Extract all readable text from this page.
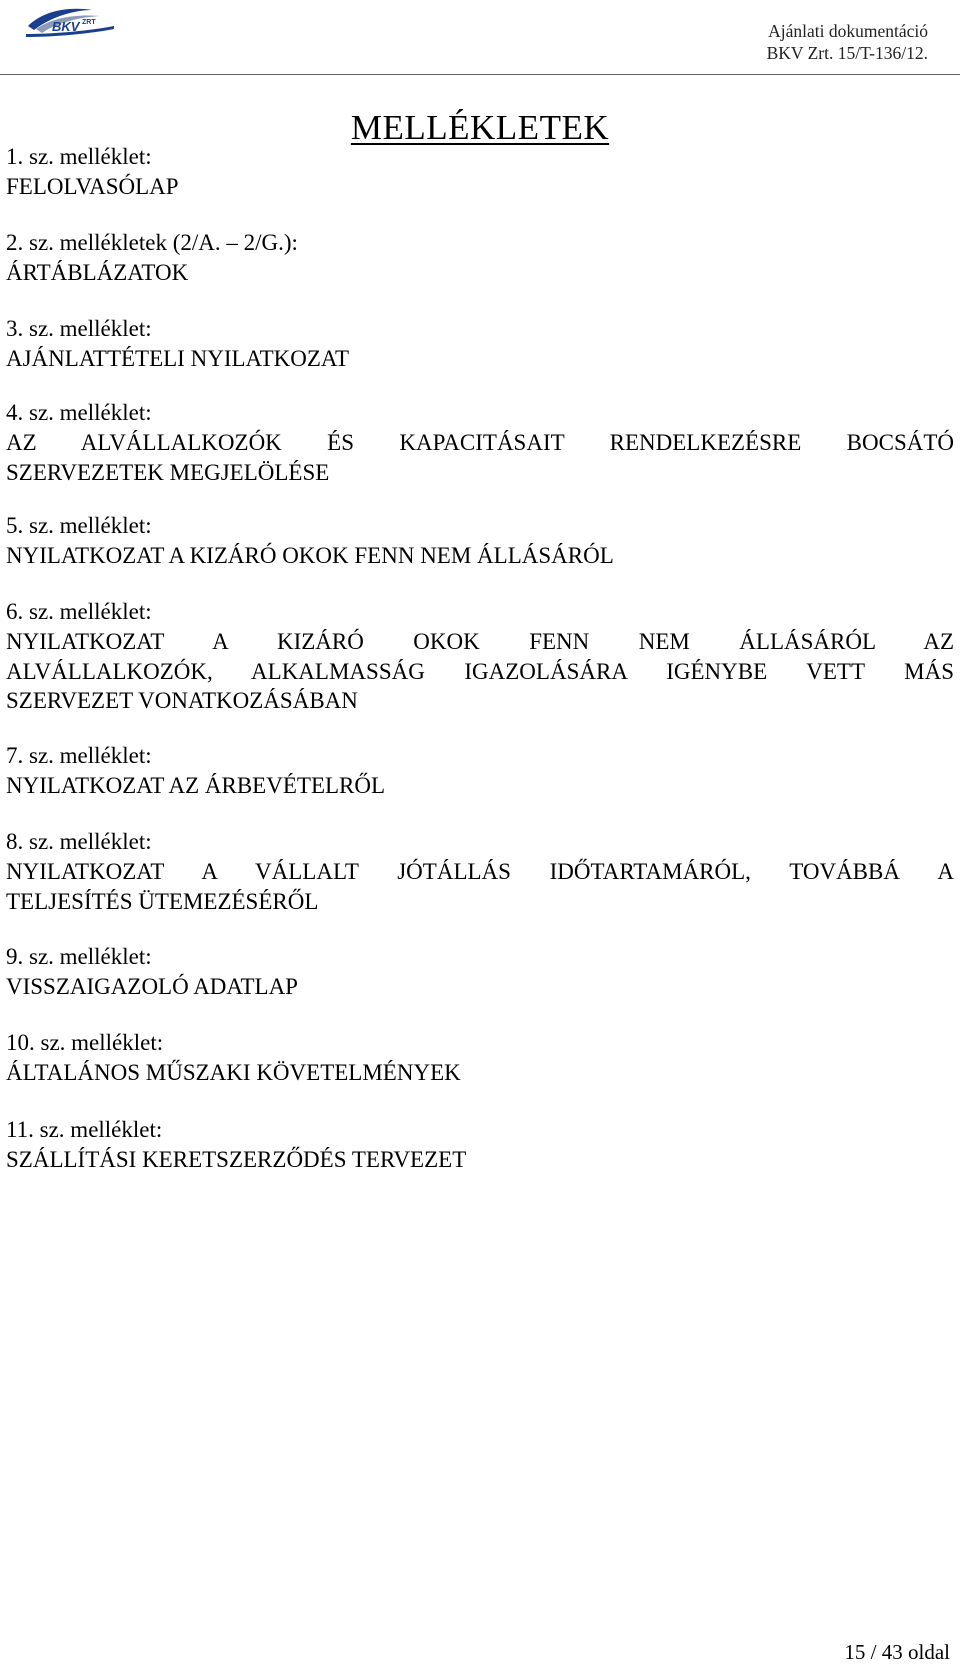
BKV ZRT	Ajánlati dokumentáció
BKV Zrt. 15/T-136/12.
MELLÉKLETEK
1. sz. melléklet:
FELOLVASÓLAP
2. sz. mellékletek (2/A. – 2/G.):
ÁRTÁBLÁZATOK
3. sz. melléklet:
AJÁNLATTÉTELI NYILATKOZAT
4. sz. melléklet:
AZ ALVÁLLALKOZÓK ÉS KAPACITÁSAIT RENDELKEZÉSRE BOCSÁTÓ
SZERVEZETEK MEGJELÖLÉSE
5. sz. melléklet:
NYILATKOZAT A KIZÁRÓ OKOK FENN NEM ÁLLÁSÁRÓL
6. sz. melléklet:
NYILATKOZAT A KIZÁRÓ OKOK FENN NEM ÁLLÁSÁRÓL AZ
ALVÁLLALKOZÓK, ALKALMASSÁG IGAZOLÁSÁRA IGÉNYBE VETT MÁS
SZERVEZET VONATKOZÁSÁBAN
7. sz. melléklet:
NYILATKOZAT AZ ÁRBEVÉTELRŐL
8. sz. melléklet:
NYILATKOZAT A VÁLLALT JÓTÁLLÁS IDŐTARTAMÁRÓL, TOVÁBBÁ A
TELJESÍTÉS ÜTEMEZÉSÉRŐL
9. sz. melléklet:
VISSZAIGAZOLÓ ADATLAP
10. sz. melléklet:
ÁLTALÁNOS MŰSZAKI KÖVETELMÉNYEK
11. sz. melléklet:
SZÁLLÍTÁSI KERETSZERZŐDÉS TERVEZET
15 / 43 oldal
